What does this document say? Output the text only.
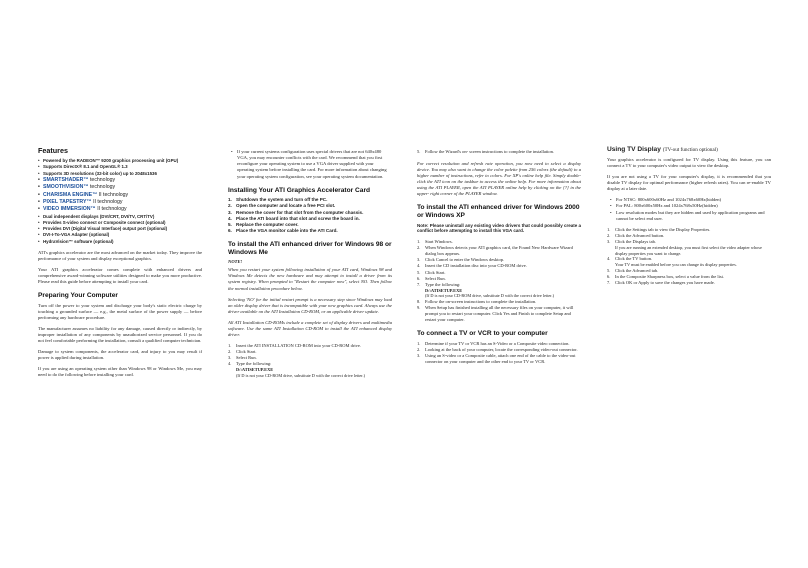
Features
• Powered by the RADEON™ 9200 graphics processing unit (GPU)
• Supports DirectX® 8.1 and OpenGL® 1.3
• Supports 3D resolutions (32-bit color) up to 2048x1536
• SMARTSHADER™ technology
• SMOOTHVISION™ technology
• CHARISMA ENGINE™ II technology
• PIXEL TAPESTRY™ II technology
• VIDEO IMMERSION™ II technology
• Dual independent displays (DVI/CRT, DVI/TV, CRT/TV)
• Provides S-video connect or Composite connect (optional)
• Provides DVI (Digital Visual Interface) output port (optional)
• DVI-I-To-VGA Adapter (optional)
• HydraVision™ software (optional)

ATI's graphics accelerator are the most advanced on the market today. They improve the performance of your system and display exceptional graphics.

Your ATI graphics accelerator comes complete with enhanced drivers and comprehensive award-winning software utilities designed to make you more productive. Please read this guide before attempting to install your card.

Preparing Your Computer

Turn off the power to your system and discharge your body's static electric charge by touching a grounded surface — e.g., the metal surface of the power supply — before performing any hardware procedure.

The manufacturer assumes no liability for any damage, caused directly or indirectly, by improper installation of any components by unauthorized service personnel. If you do not feel comfortable performing the installation, consult a qualified computer technician.

Damage to system components, the accelerator card, and injury to you may result if power is applied during installation.

If you are using an operating system other than Windows 98 or Windows Me, you may need to do the following before installing your card.

• If your current systems configuration uses special drivers that are not 640x480 VGA, you may encounter conflicts with the card. We recommend that you first reconfigure your operating system to use a VGA driver supplied with your operating system before installing the card. For more information about changing your operating system configuration, see your operating system documentation.
Installing Your ATI Graphics Accelerator Card
1. Shutdown the system and turn off the PC.
2. Open the computer and locate a free PCI slot.
3. Remove the cover for that slot from the computer chassis.
4. Place the ATI board into that slot and screw the board in.
5. Replace the computer cover.
6. Place the VGA monitor cable into the ATI Card.
To install the ATI enhanced driver for Windows 98 or Windows Me

NOTE!

When you restart your system following installation of your ATI card, Windows 98 and Windows Me detects the new hardware and may attempt to install a driver from its system registry. When prompted to "Restart the computer now", select NO. Then follow the normal installation procedure below.

Selecting 'NO' for the initial restart prompt is a necessary step since Windows may load an older display driver that is incompatible with your new graphics card. Always use the driver available on the ATI Installation CD-ROM, or an applicable driver update.

All ATI Installation CD-ROMs include a complete set of display drivers and multimedia software. Use the same ATI Installation CD-ROM to install the ATI enhanced display driver.

1. Insert the ATI INSTALLATION CD-ROM into your CD-ROM drive.
2. Click Start.
3. Select Run.
4. Type the following:
D:\ATISETUP.EXE
(If D is not your CD-ROM drive, substitute D with the correct drive letter.)
5. Follow the Wizard's on- screen instructions to complete the installation.

For correct resolution and refresh rate operation, you now need to select a display device. You may also want to change the color palette from 256 colors (the default) to a higher number of instructions, refer to colors. For XP's online help file. Simply double-click the ATI icon on the taskbar to access the online help. For more information about using the ATI PLAYER, open the ATI PLAYER online help by clicking on the [?] in the upper- right corner of the PLAYER window.

To install the ATI enhanced driver for Windows 2000 or Windows XP

Note: Please uninstall any existing video drivers that could possibly create a conflict before attempting to install this VGA card.

1. Start Windows.
2. When Windows detects your ATI graphics card, the Found New Hardware Wizard dialog box appears.
3. Click Cancel to enter the Windows desktop.
4. Insert the CD installation disc into your CD-ROM drive.
5. Click Start.
6. Select Run.
7. Type the following:
D:\ATISETUP.EXE
(If D is not your CD-ROM drive, substitute D with the correct drive letter.)
8. Follow the on-screen instructions to complete the installation.
9. When Setup has finished installing all the necessary files on your computer, it will prompt you to restart your computer. Click Yes and Finish to complete Setup and restart your computer.
To connect a TV or VCR to your computer
1. Determine if your TV or VCR has an S-Video or a Composite video connection.
2. Looking at the back of your computer, locate the corresponding video-out connector.
3. Using an S-video or a Composite cable, attach one end of the cable to the video-out connector on your computer and the other end to your TV or VCR.
Using TV Display (TV-out function optional)

Your graphics accelerator is configured for TV display. Using this feature, you can connect a TV to your computer's video output to view the desktop.

If you are not using a TV for your computer's display, it is recommended that you disable TV display for optimal performance (higher refresh rates). You can re-enable TV display at a later date.

• For NTSC: 800x600x60Hz and 1024x768x60Hz(hidden)
• For PAL: 800x600x50Hz and 1024x768x50Hz(hidden)
• Low resolution modes but they are hidden and used by application programs and cannot be select end user.
1. Click the Settings tab to view the Display Properties.
2. Click the Advanced button.
3. Click the Displays tab.
If you are running an extended desktop, you must first select the video adapter whose display properties you want to change.
4. Click the TV button.
Your TV must be enabled before you can change its display properties.
5. Click the Advanced tab.
6. In the Composite Sharpness box, select a value from the list.
7. Click OK or Apply to save the changes you have made.
